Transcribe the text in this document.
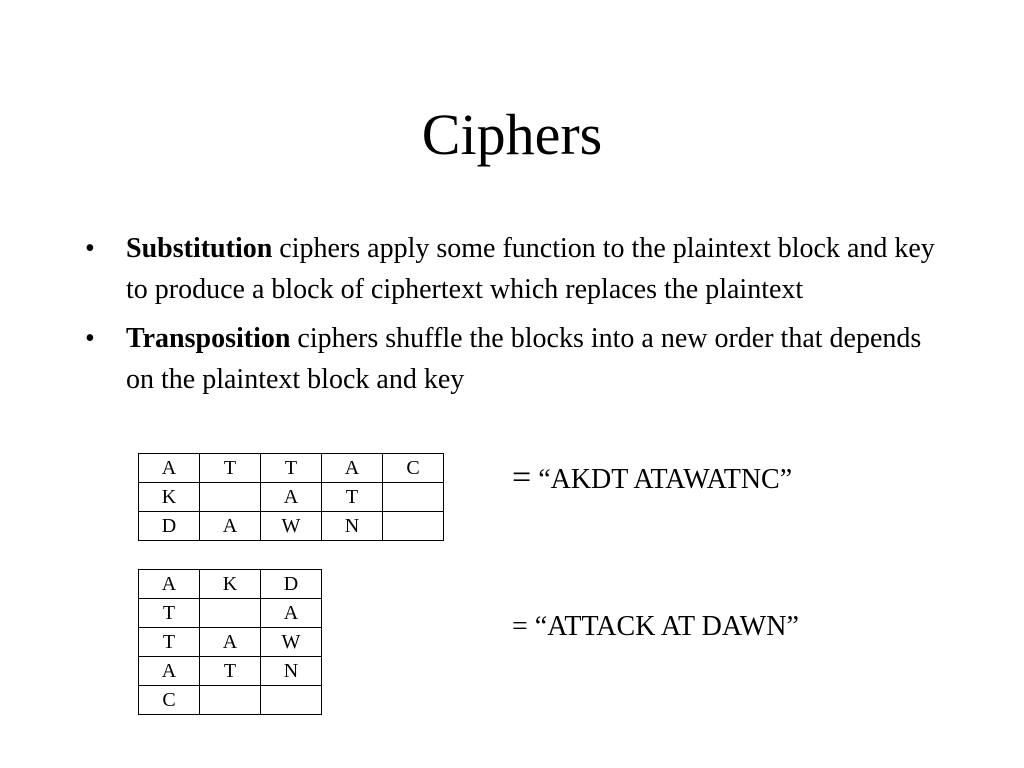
Ciphers
•	Substitution ciphers apply some function to the plaintext block and key to produce a block of ciphertext which replaces the plaintext
•	Transposition ciphers shuffle the blocks into a new order that depends on the plaintext block and key
A	T	T	A	C
K		A	T	
D	A	W	N	
= “AKDT ATAWATNC”
A	K	D
T		A
T	A	W
A	T	N
C		
= “ATTACK AT DAWN”
